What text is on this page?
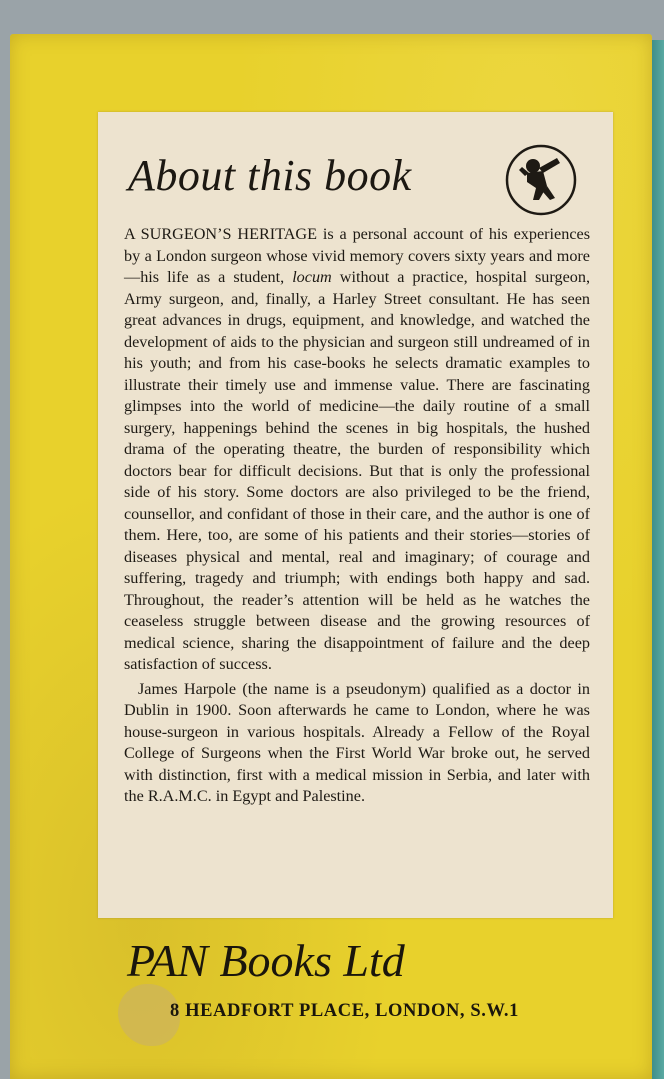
About this book

A SURGEON’S HERITAGE is a personal account of his experiences by a London surgeon whose vivid memory covers sixty years and more—his life as a student, locum without a practice, hospital surgeon, Army surgeon, and, finally, a Harley Street consultant. He has seen great advances in drugs, equipment, and knowledge, and watched the development of aids to the physician and surgeon still undreamed of in his youth; and from his case-books he selects dramatic examples to illustrate their timely use and immense value. There are fascinating glimpses into the world of medicine—the daily routine of a small surgery, happenings behind the scenes in big hospitals, the hushed drama of the operating theatre, the burden of responsibility which doctors bear for difficult decisions. But that is only the professional side of his story. Some doctors are also privileged to be the friend, counsellor, and confidant of those in their care, and the author is one of them. Here, too, are some of his patients and their stories—stories of diseases physical and mental, real and imaginary; of courage and suffering, tragedy and triumph; with endings both happy and sad. Throughout, the reader’s attention will be held as he watches the ceaseless struggle between disease and the growing resources of medical science, sharing the disappointment of failure and the deep satisfaction of success.

James Harpole (the name is a pseudonym) qualified as a doctor in Dublin in 1900. Soon afterwards he came to London, where he was house-surgeon in various hospitals. Already a Fellow of the Royal College of Surgeons when the First World War broke out, he served with distinction, first with a medical mission in Serbia, and later with the R.A.M.C. in Egypt and Palestine.

PAN Books Ltd

8 HEADFORT PLACE, LONDON, S.W.1
